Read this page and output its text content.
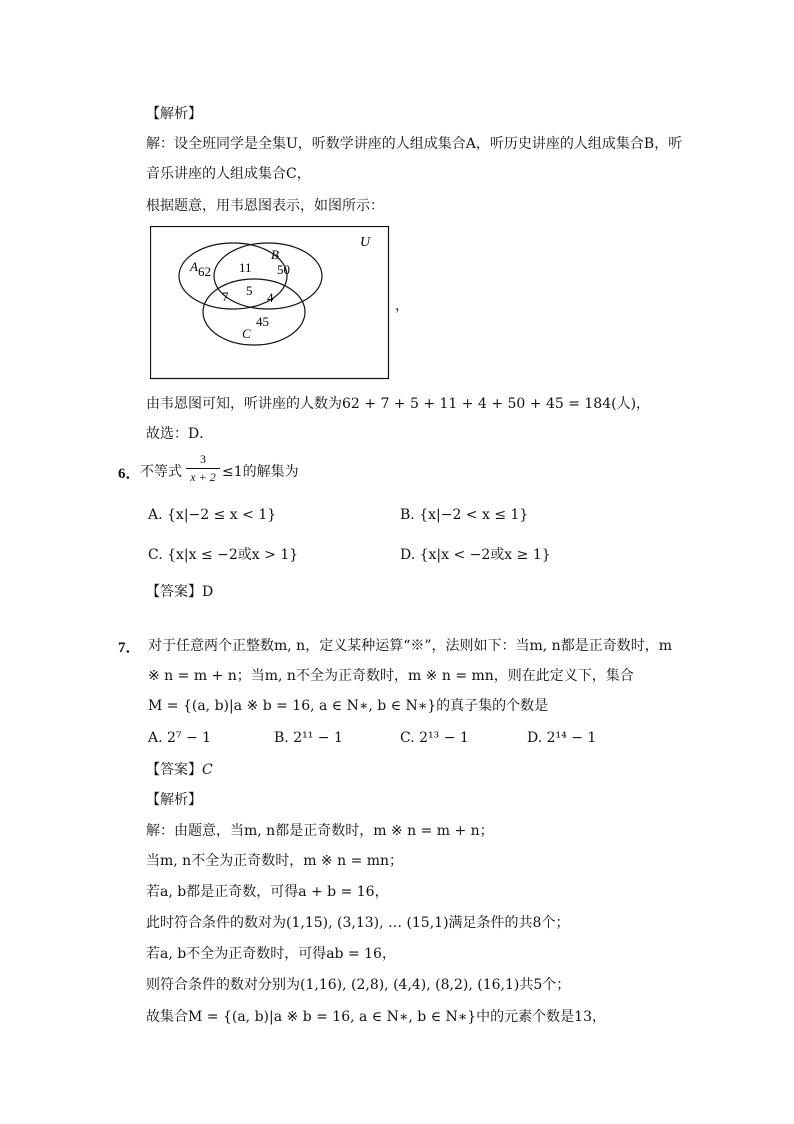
【解析】
解：设全班同学是全集U，听数学讲座的人组成集合A，听历史讲座的人组成集合B，听
音乐讲座的人组成集合C，
根据题意，用韦恩图表示，如图所示：
U
A
B
C
62 11 50
7 5 4
45
，
由韦恩图可知，听讲座的人数为62 + 7 + 5 + 11 + 4 + 50 + 45 = 184(人)，
故选：D．
6． 不等式
3
x + 2 ≤1的解集为
A. {x|−2 ≤ x < 1}	B. {x|−2 < x ≤ 1}
C. {x|x ≤ −2或x > 1}	D. {x|x < −2或x ≥ 1}
【答案】D
7． 对于任意两个正整数m, n，定义某种运算“※”，法则如下：当m, n都是正奇数时，m
※ n = m + n；当m, n不全为正奇数时，m ※ n = mn，则在此定义下，集合
M = {(a, b)|a ※ b = 16, a ∈ N∗, b ∈ N∗}的真子集的个数是
A. 2⁷ − 1	B. 2¹¹ − 1	C. 2¹³ − 1	D. 2¹⁴ − 1
【答案】C
【解析】
解：由题意，当m, n都是正奇数时，m ※ n = m + n；
当m, n不全为正奇数时，m ※ n = mn；
若a, b都是正奇数，可得a + b = 16，
此时符合条件的数对为(1,15), (3,13), … (15,1)满足条件的共8个；
若a, b不全为正奇数时，可得ab = 16，
则符合条件的数对分别为(1,16), (2,8), (4,4), (8,2), (16,1)共5个；
故集合M = {(a, b)|a ※ b = 16, a ∈ N∗, b ∈ N∗}中的元素个数是13，
